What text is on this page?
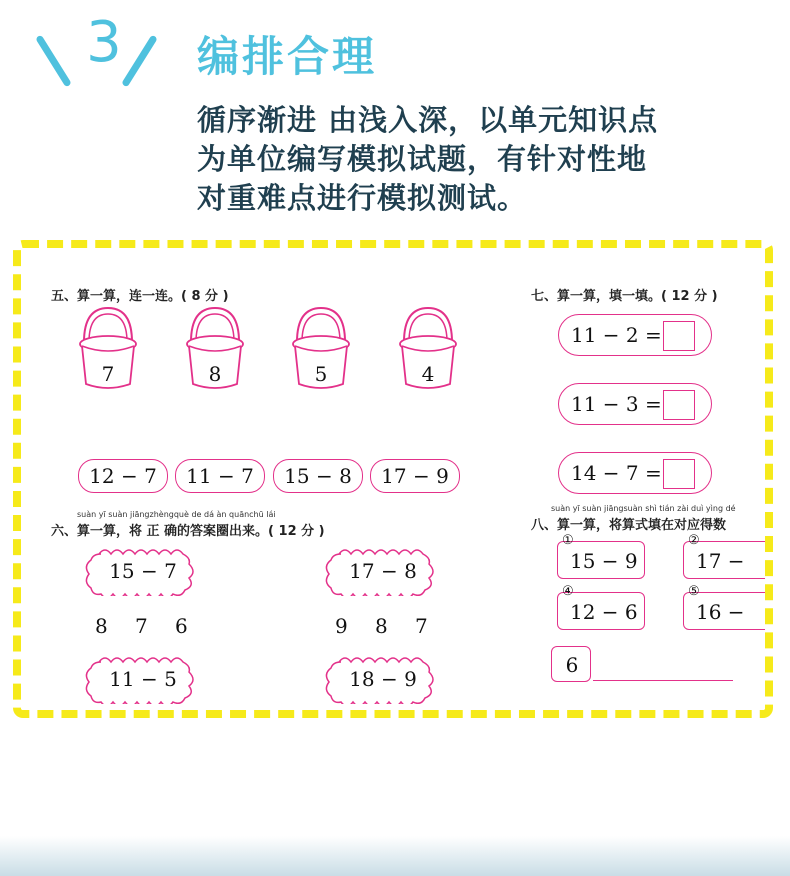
3 编排合理
循序渐进 由浅入深，以单元知识点
为单位编写模拟试题，有针对性地
对重难点进行模拟测试。
五、算一算，连一连。( 8 分 )
7	8	5	4
12 − 7	11 − 7	15 − 8	17 − 9
suàn yī suàn jiāngzhèngquè de dá àn quānchū lái
六、算一算，将 正 确的答案圈出来。( 12 分 )
15 − 7
8 7 6
17 − 8
9 8 7
11 − 5	18 − 9
七、算一算，填一填。( 12 分 )
11 − 2 =
11 − 3 =
14 − 7 =
suàn yī suàn jiāngsuàn shì tián zài duì yìng dé
八、算一算，将算式填在对应得数
①
15 − 9
②
17 −
④
12 − 6
⑤
16 −
6
